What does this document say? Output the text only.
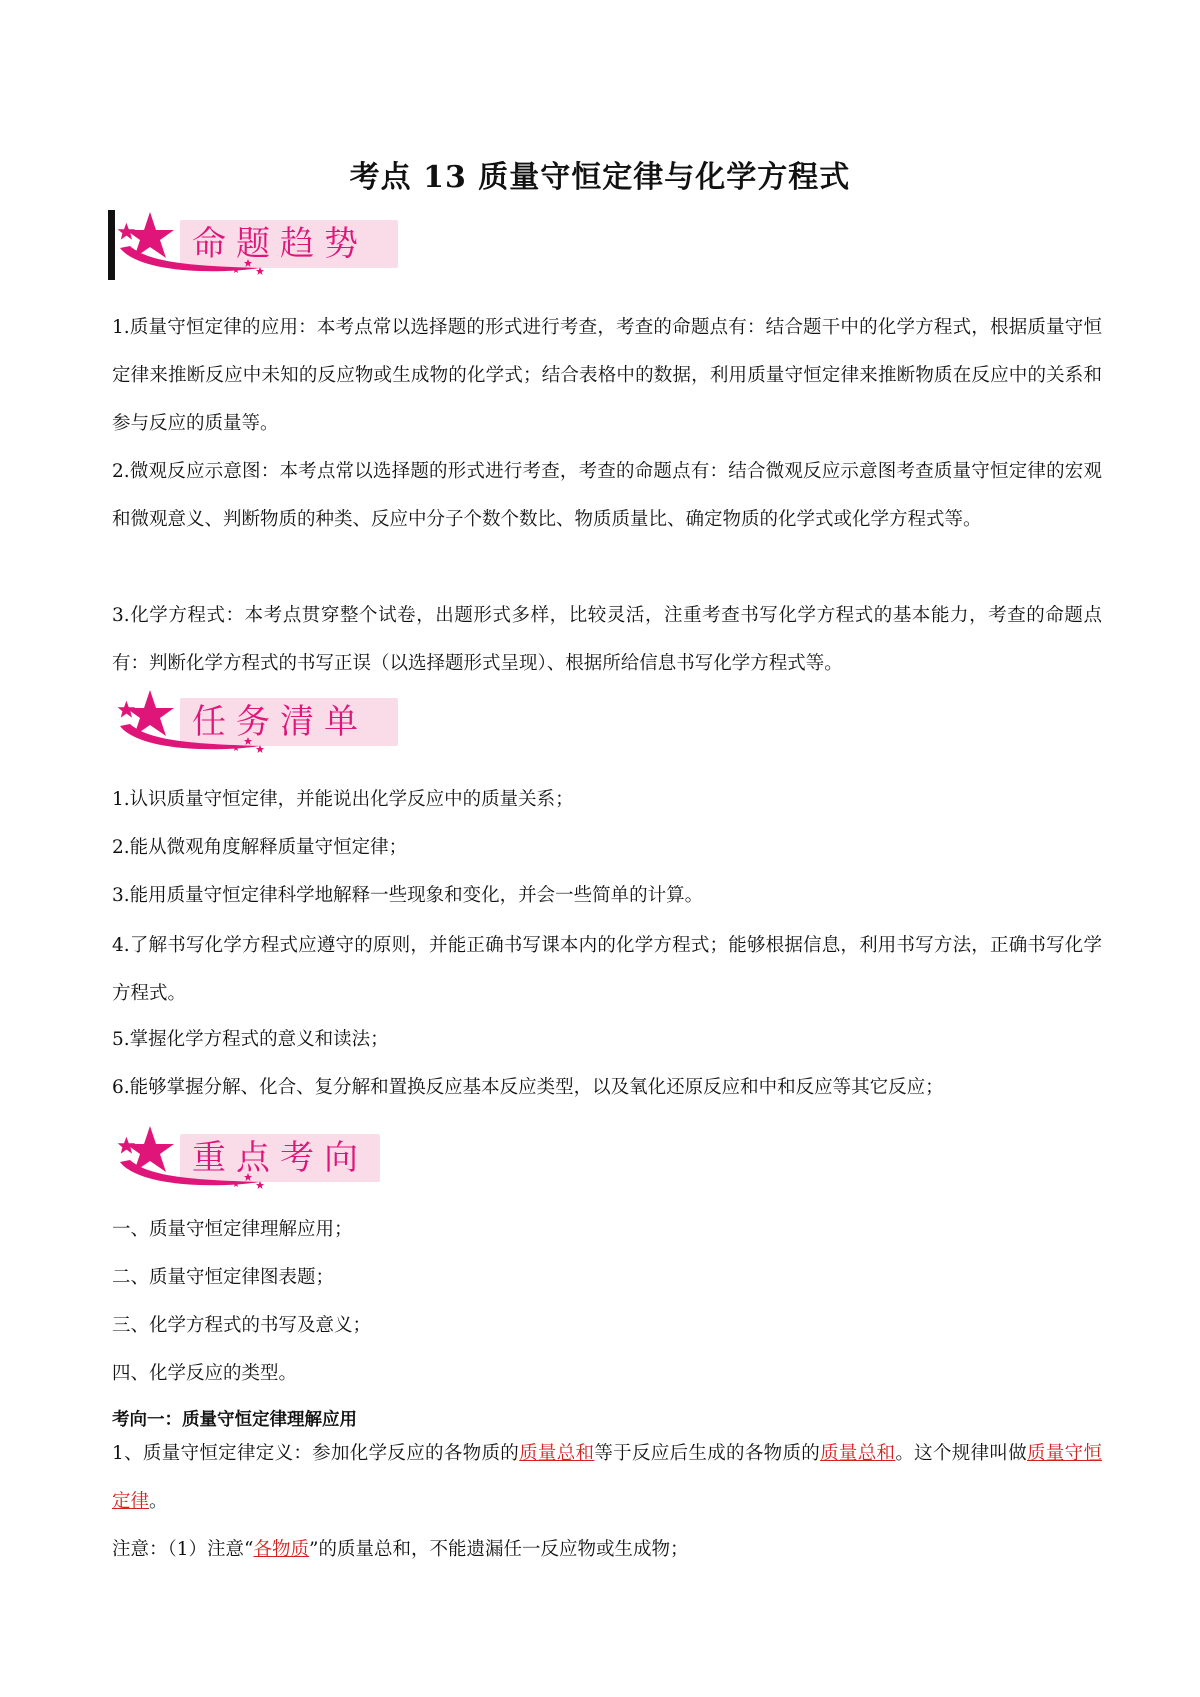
考点 13 质量守恒定律与化学方程式
命题趋势
1.质量守恒定律的应用：本考点常以选择题的形式进行考查，考查的命题点有：结合题干中的化学方程式，根据质量守恒定律来推断反应中未知的反应物或生成物的化学式；结合表格中的数据，利用质量守恒定律来推断物质在反应中的关系和参与反应的质量等。
2.微观反应示意图：本考点常以选择题的形式进行考查，考查的命题点有：结合微观反应示意图考查质量守恒定律的宏观和微观意义、判断物质的种类、反应中分子个数个数比、物质质量比、确定物质的化学式或化学方程式等。
3.化学方程式：本考点贯穿整个试卷，出题形式多样，比较灵活，注重考查书写化学方程式的基本能力，考查的命题点有：判断化学方程式的书写正误（以选择题形式呈现）、根据所给信息书写化学方程式等。
任务清单
1.认识质量守恒定律，并能说出化学反应中的质量关系；
2.能从微观角度解释质量守恒定律；
3.能用质量守恒定律科学地解释一些现象和变化，并会一些简单的计算。
4.了解书写化学方程式应遵守的原则，并能正确书写课本内的化学方程式；能够根据信息，利用书写方法，正确书写化学方程式。
5.掌握化学方程式的意义和读法；
6.能够掌握分解、化合、复分解和置换反应基本反应类型，以及氧化还原反应和中和反应等其它反应；
重点考向
一、质量守恒定律理解应用；
二、质量守恒定律图表题；
三、化学方程式的书写及意义；
四、化学反应的类型。
考向一：质量守恒定律理解应用
1、质量守恒定律定义：参加化学反应的各物质的质量总和等于反应后生成的各物质的质量总和。这个规律叫做质量守恒定律。
注意：（1）注意“各物质”的质量总和，不能遗漏任一反应物或生成物；
